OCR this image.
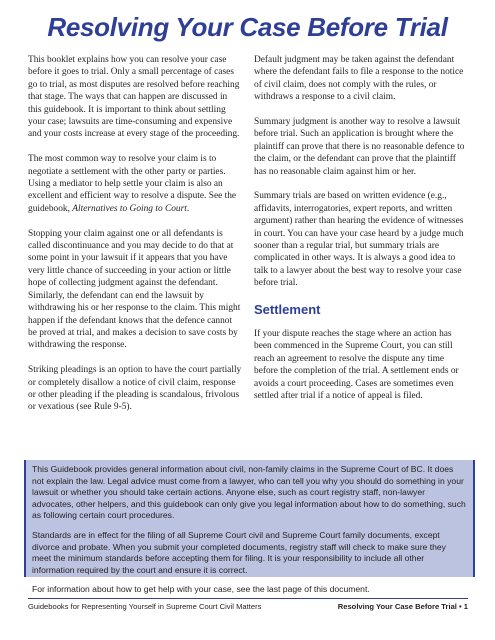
Resolving Your Case Before Trial

This booklet explains how you can resolve your case before it goes to trial. Only a small percentage of cases go to trial, as most disputes are resolved before reaching that stage. The ways that can happen are discussed in this guidebook. It is important to think about settling your case; lawsuits are time-consuming and expensive and your costs increase at every stage of the proceeding.

The most common way to resolve your claim is to negotiate a settlement with the other party or parties. Using a mediator to help settle your claim is also an excellent and efficient way to resolve a dispute. See the guidebook, Alternatives to Going to Court.

Stopping your claim against one or all defendants is called discontinuance and you may decide to do that at some point in your lawsuit if it appears that you have very little chance of succeeding in your action or little hope of collecting judgment against the defendant. Similarly, the defendant can end the lawsuit by withdrawing his or her response to the claim. This might happen if the defendant knows that the defence cannot be proved at trial, and makes a decision to save costs by withdrawing the response.

Striking pleadings is an option to have the court partially or completely disallow a notice of civil claim, response or other pleading if the pleading is scandalous, frivolous or vexatious (see Rule 9-5).

Default judgment may be taken against the defendant where the defendant fails to file a response to the notice of civil claim, does not comply with the rules, or withdraws a response to a civil claim.

Summary judgment is another way to resolve a lawsuit before trial. Such an application is brought where the plaintiff can prove that there is no reasonable defence to the claim, or the defendant can prove that the plaintiff has no reasonable claim against him or her.

Summary trials are based on written evidence (e.g., affidavits, interrogatories, expert reports, and written argument) rather than hearing the evidence of witnesses in court. You can have your case heard by a judge much sooner than a regular trial, but summary trials are complicated in other ways. It is always a good idea to talk to a lawyer about the best way to resolve your case before trial.

Settlement

If your dispute reaches the stage where an action has been commenced in the Supreme Court, you can still reach an agreement to resolve the dispute any time before the completion of the trial. A settlement ends or avoids a court proceeding. Cases are sometimes even settled after trial if a notice of appeal is filed.

This Guidebook provides general information about civil, non-family claims in the Supreme Court of BC. It does not explain the law. Legal advice must come from a lawyer, who can tell you why you should do something in your lawsuit or whether you should take certain actions. Anyone else, such as court registry staff, non-lawyer advocates, other helpers, and this guidebook can only give you legal information about how to do something, such as following certain court procedures.

Standards are in effect for the filing of all Supreme Court civil and Supreme Court family documents, except divorce and probate. When you submit your completed documents, registry staff will check to make sure they meet the minimum standards before accepting them for filing. It is your responsibility to include all other information required by the court and ensure it is correct.

For information about how to get help with your case, see the last page of this document.

Guidebooks for Representing Yourself in Supreme Court Civil Matters	Resolving Your Case Before Trial • 1
